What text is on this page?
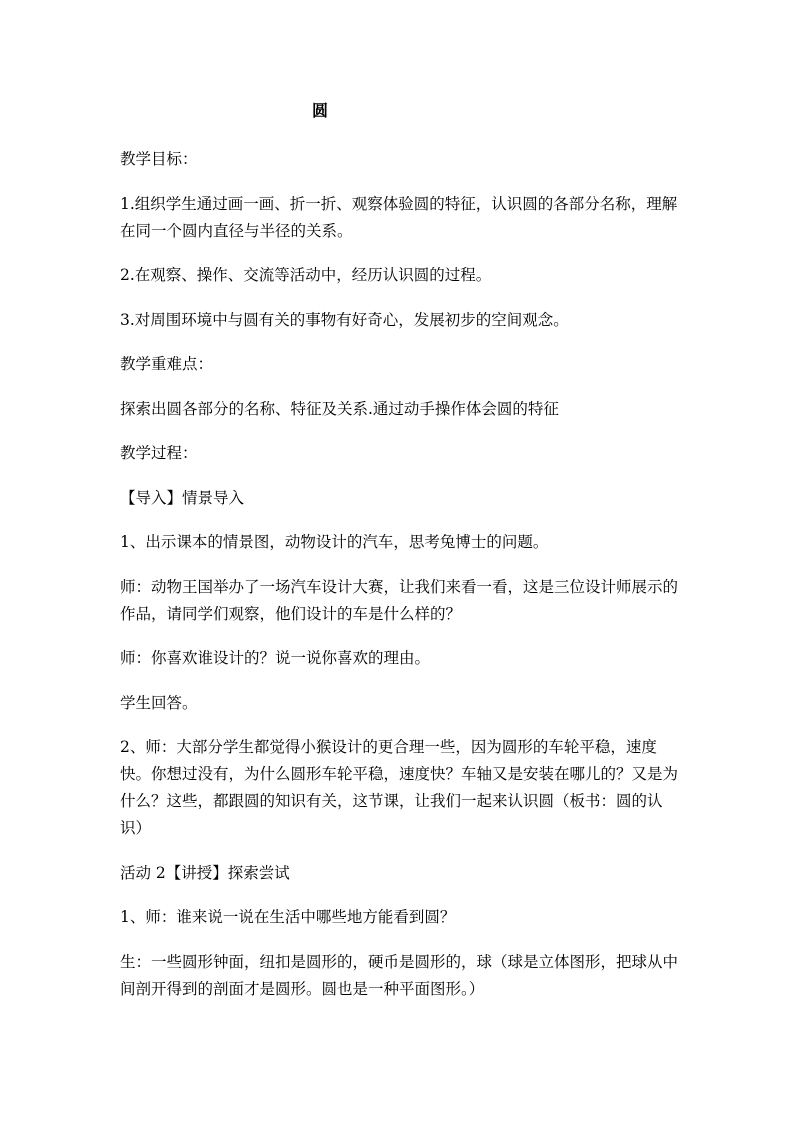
圆

教学目标：

1.组织学生通过画一画、折一折、观察体验圆的特征，认识圆的各部分名称，理解在同一个圆内直径与半径的关系。

2.在观察、操作、交流等活动中，经历认识圆的过程。

3.对周围环境中与圆有关的事物有好奇心，发展初步的空间观念。

教学重难点：

探索出圆各部分的名称、特征及关系.通过动手操作体会圆的特征

教学过程：

【导入】情景导入

1、出示课本的情景图，动物设计的汽车，思考兔博士的问题。

师：动物王国举办了一场汽车设计大赛，让我们来看一看，这是三位设计师展示的作品，请同学们观察，他们设计的车是什么样的？

师：你喜欢谁设计的？说一说你喜欢的理由。

学生回答。

2、师：大部分学生都觉得小猴设计的更合理一些，因为圆形的车轮平稳，速度快。你想过没有，为什么圆形车轮平稳，速度快？车轴又是安装在哪儿的？又是为什么？这些，都跟圆的知识有关，这节课，让我们一起来认识圆（板书：圆的认识）

活动 2【讲授】探索尝试

1、师：谁来说一说在生活中哪些地方能看到圆？

生：一些圆形钟面，纽扣是圆形的，硬币是圆形的，球（球是立体图形，把球从中间剖开得到的剖面才是圆形。圆也是一种平面图形。）
